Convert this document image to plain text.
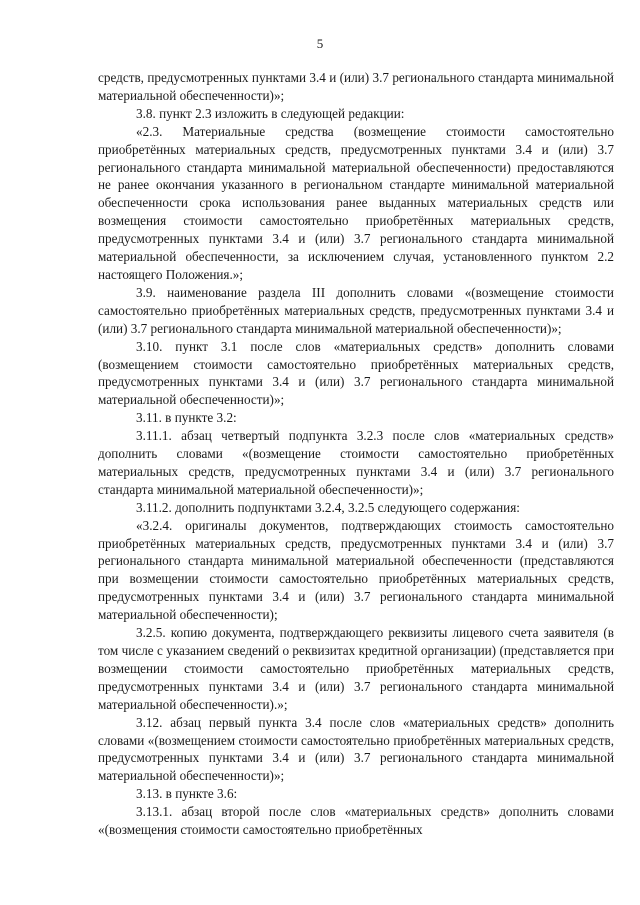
5

средств, предусмотренных пунктами 3.4 и (или) 3.7 регионального стандарта минимальной материальной обеспеченности)»;

3.8. пункт 2.3 изложить в следующей редакции:

«2.3. Материальные средства (возмещение стоимости самостоятельно приобретённых материальных средств, предусмотренных пунктами 3.4 и (или) 3.7 регионального стандарта минимальной материальной обеспеченности) предоставляются не ранее окончания указанного в региональном стандарте минимальной материальной обеспеченности срока использования ранее выданных материальных средств или возмещения стоимости самостоятельно приобретённых материальных средств, предусмотренных пунктами 3.4 и (или) 3.7 регионального стандарта минимальной материальной обеспеченности, за исключением случая, установленного пунктом 2.2 настоящего Положения.»;

3.9. наименование раздела III дополнить словами «(возмещение стоимости самостоятельно приобретённых материальных средств, предусмотренных пунктами 3.4 и (или) 3.7 регионального стандарта минимальной материальной обеспеченности)»;

3.10. пункт 3.1 после слов «материальных средств» дополнить словами (возмещением стоимости самостоятельно приобретённых материальных средств, предусмотренных пунктами 3.4 и (или) 3.7 регионального стандарта минимальной материальной обеспеченности)»;

3.11. в пункте 3.2:

3.11.1. абзац четвертый подпункта 3.2.3 после слов «материальных средств» дополнить словами «(возмещение стоимости самостоятельно приобретённых материальных средств, предусмотренных пунктами 3.4 и (или) 3.7 регионального стандарта минимальной материальной обеспеченности)»;

3.11.2. дополнить подпунктами 3.2.4, 3.2.5 следующего содержания:

«3.2.4. оригиналы документов, подтверждающих стоимость самостоятельно приобретённых материальных средств, предусмотренных пунктами 3.4 и (или) 3.7 регионального стандарта минимальной материальной обеспеченности (представляются при возмещении стоимости самостоятельно приобретённых материальных средств, предусмотренных пунктами 3.4 и (или) 3.7 регионального стандарта минимальной материальной обеспеченности);

3.2.5. копию документа, подтверждающего реквизиты лицевого счета заявителя (в том числе с указанием сведений о реквизитах кредитной организации) (представляется при возмещении стоимости самостоятельно приобретённых материальных средств, предусмотренных пунктами 3.4 и (или) 3.7 регионального стандарта минимальной материальной обеспеченности).»;

3.12. абзац первый пункта 3.4 после слов «материальных средств» дополнить словами «(возмещением стоимости самостоятельно приобретённых материальных средств, предусмотренных пунктами 3.4 и (или) 3.7 регионального стандарта минимальной материальной обеспеченности)»;

3.13. в пункте 3.6:

3.13.1. абзац второй после слов «материальных средств» дополнить словами «(возмещения стоимости самостоятельно приобретённых
